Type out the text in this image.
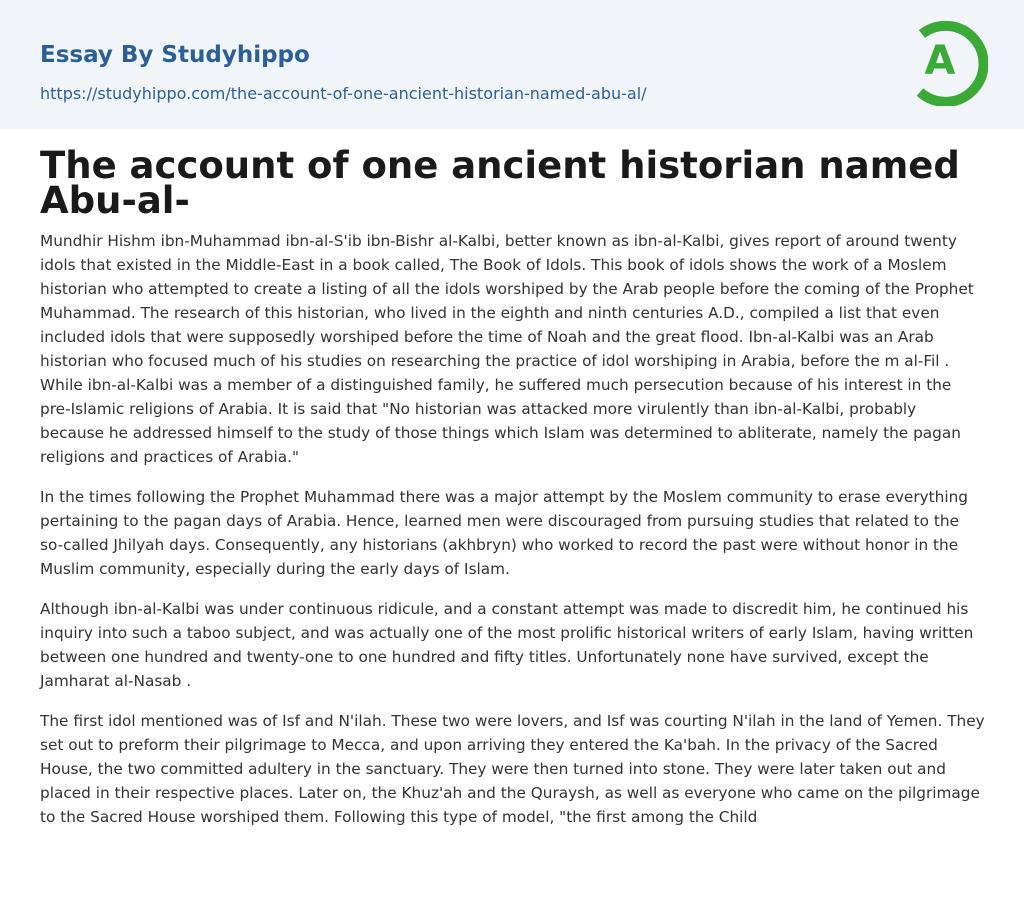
Essay By Studyhippo
https://studyhippo.com/the-account-of-one-ancient-historian-named-abu-al/
A
The account of one ancient historian named Abu-al-

Mundhir Hishm ibn-Muhammad ibn-al-S'ib ibn-Bishr al-Kalbi, better known as ibn-al-Kalbi, gives report of around twenty idols that existed in the Middle-East in a book called, The Book of Idols. This book of idols shows the work of a Moslem historian who attempted to create a listing of all the idols worshiped by the Arab people before the coming of the Prophet Muhammad. The research of this historian, who lived in the eighth and ninth centuries A.D., compiled a list that even included idols that were supposedly worshiped before the time of Noah and the great flood. Ibn-al-Kalbi was an Arab historian who focused much of his studies on researching the practice of idol worshiping in Arabia, before the m al-Fil . While ibn-al-Kalbi was a member of a distinguished family, he suffered much persecution because of his interest in the pre-Islamic religions of Arabia. It is said that "No historian was attacked more virulently than ibn-al-Kalbi, probably because he addressed himself to the study of those things which Islam was determined to abliterate, namely the pagan religions and practices of Arabia."

In the times following the Prophet Muhammad there was a major attempt by the Moslem community to erase everything pertaining to the pagan days of Arabia. Hence, learned men were discouraged from pursuing studies that related to the so-called Jhilyah days. Consequently, any historians (akhbryn) who worked to record the past were without honor in the Muslim community, especially during the early days of Islam.

Although ibn-al-Kalbi was under continuous ridicule, and a constant attempt was made to discredit him, he continued his inquiry into such a taboo subject, and was actually one of the most prolific historical writers of early Islam, having written between one hundred and twenty-one to one hundred and fifty titles. Unfortunately none have survived, except the Jamharat al-Nasab .

The first idol mentioned was of Isf and N'ilah. These two were lovers, and Isf was courting N'ilah in the land of Yemen. They set out to preform their pilgrimage to Mecca, and upon arriving they entered the Ka'bah. In the privacy of the Sacred House, the two committed adultery in the sanctuary. They were then turned into stone. They were later taken out and placed in their respective places. Later on, the Khuz'ah and the Quraysh, as well as everyone who came on the pilgrimage to the Sacred House worshiped them. Following this type of model, "the first among the Child
